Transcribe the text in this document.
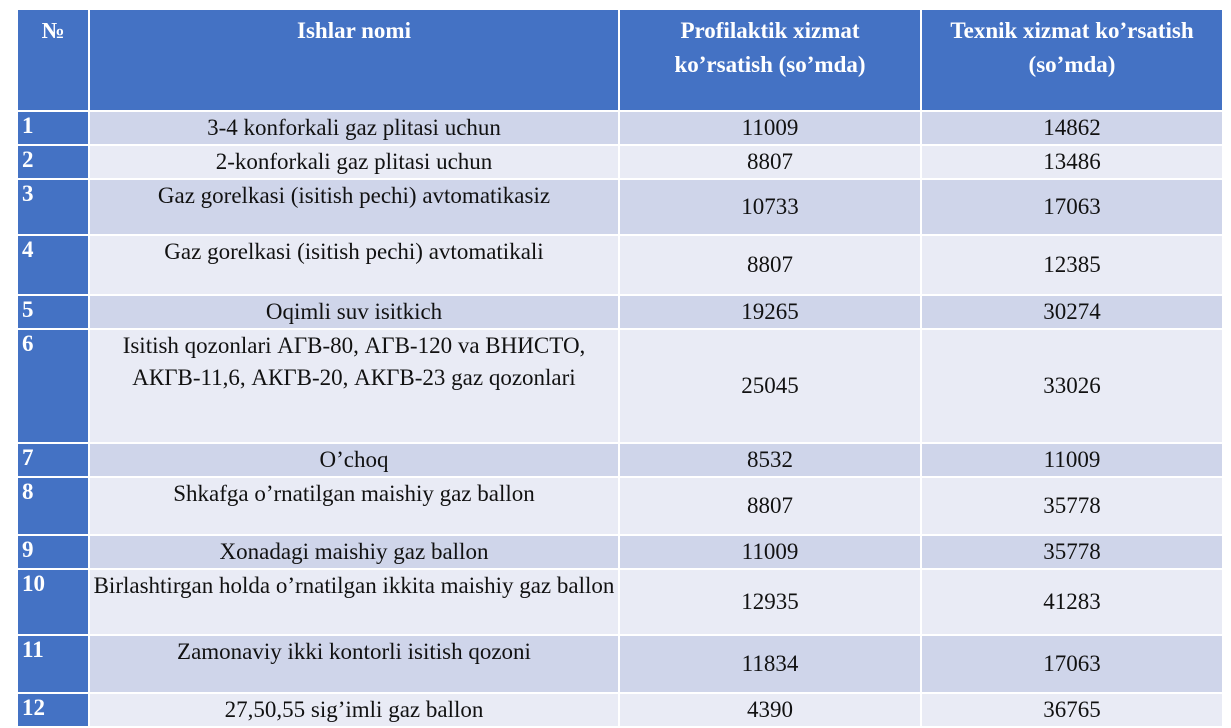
№	Ishlar nomi	Profilaktik xizmat ko’rsatish (so’mda)	Texnik xizmat ko’rsatish (so’mda)
1	3-4 konforkali gaz plitasi uchun	11009	14862
2	2-konforkali gaz plitasi uchun	8807	13486
3	Gaz gorelkasi (isitish pechi) avtomatikasiz	10733	17063
4	Gaz gorelkasi (isitish pechi) avtomatikali	8807	12385
5	Oqimli suv isitkich	19265	30274
6	Isitish qozonlari АГВ-80, АГВ-120 va ВНИСТО, АКГВ-11,6, АКГВ-20, АКГВ-23 gaz qozonlari	25045	33026
7	O’choq	8532	11009
8	Shkafga o’rnatilgan maishiy gaz ballon	8807	35778
9	Xonadagi maishiy gaz ballon	11009	35778
10	Birlashtirgan holda o’rnatilgan ikkita maishiy gaz ballon	12935	41283
11	Zamonaviy ikki kontorli isitish qozoni	11834	17063
12	27,50,55 sig’imli gaz ballon	4390	36765
